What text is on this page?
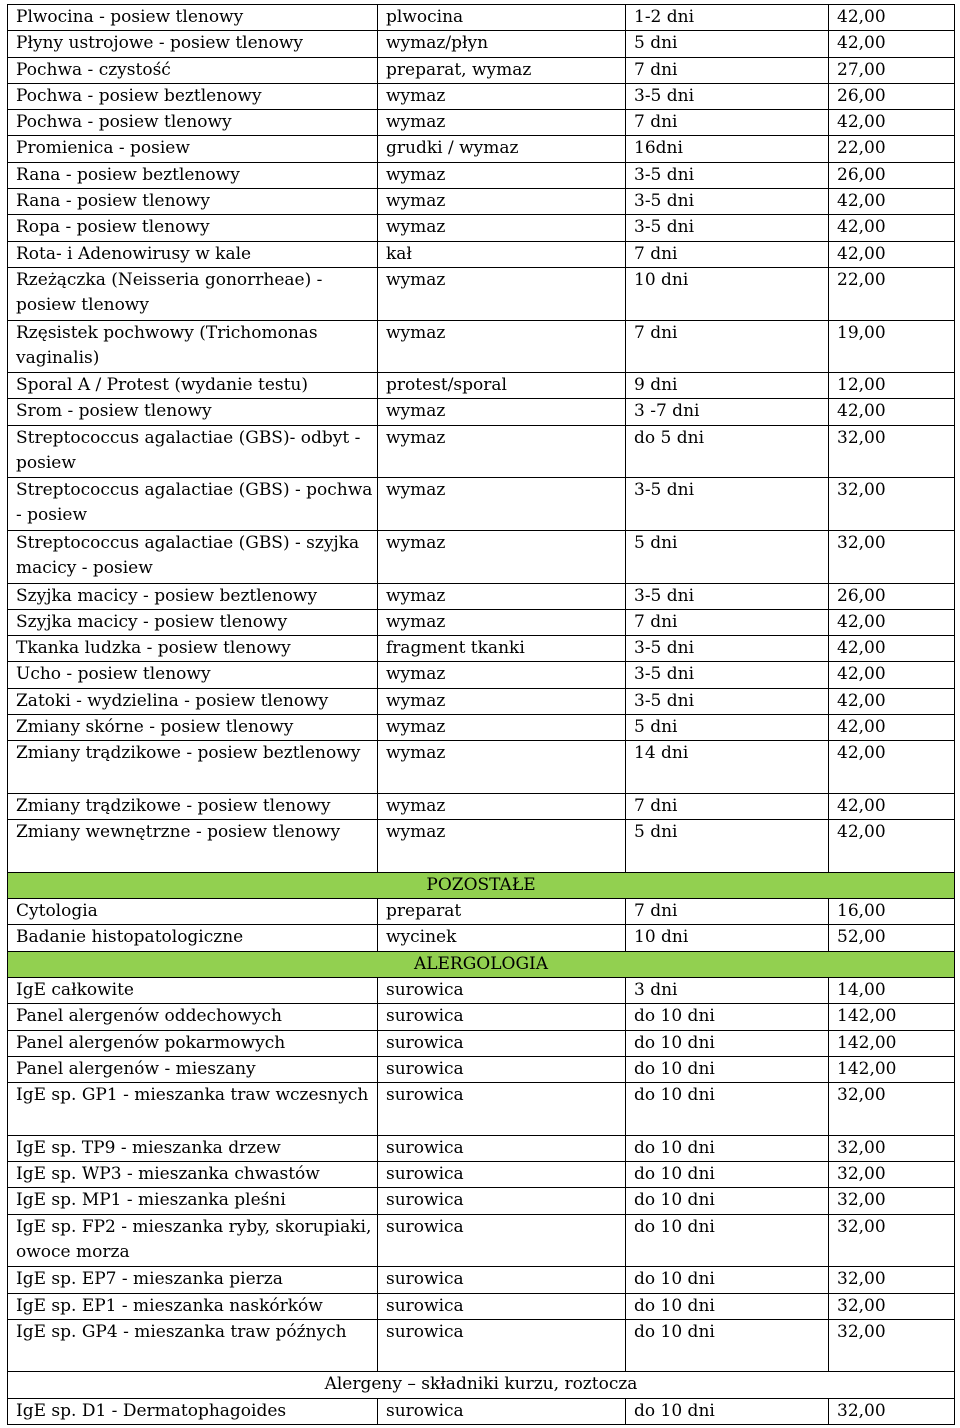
Plwocina - posiew tlenowy	plwocina	1-2 dni	42,00
Płyny ustrojowe - posiew tlenowy	wymaz/płyn	5 dni	42,00
Pochwa - czystość	preparat, wymaz	7 dni	27,00
Pochwa - posiew beztlenowy	wymaz	3-5 dni	26,00
Pochwa - posiew tlenowy	wymaz	7 dni	42,00
Promienica - posiew	grudki / wymaz	16dni	22,00
Rana - posiew beztlenowy	wymaz	3-5 dni	26,00
Rana - posiew tlenowy	wymaz	3-5 dni	42,00
Ropa - posiew tlenowy	wymaz	3-5 dni	42,00
Rota- i Adenowirusy w kale	kał	7 dni	42,00
Rzeżączka (Neisseria gonorrheae) - posiew tlenowy	wymaz	10 dni	22,00
Rzęsistek pochwowy (Trichomonas vaginalis)	wymaz	7 dni	19,00
Sporal A / Protest (wydanie testu)	protest/sporal	9 dni	12,00
Srom - posiew tlenowy	wymaz	3 -7 dni	42,00
Streptococcus agalactiae (GBS)- odbyt - posiew	wymaz	do 5 dni	32,00
Streptococcus agalactiae (GBS) - pochwa - posiew	wymaz	3-5 dni	32,00
Streptococcus agalactiae (GBS) - szyjka macicy - posiew	wymaz	5 dni	32,00
Szyjka macicy - posiew beztlenowy	wymaz	3-5 dni	26,00
Szyjka macicy - posiew tlenowy	wymaz	7 dni	42,00
Tkanka ludzka - posiew tlenowy	fragment tkanki	3-5 dni	42,00
Ucho - posiew tlenowy	wymaz	3-5 dni	42,00
Zatoki - wydzielina - posiew tlenowy	wymaz	3-5 dni	42,00
Zmiany skórne - posiew tlenowy	wymaz	5 dni	42,00
Zmiany trądzikowe - posiew beztlenowy	wymaz	14 dni	42,00
Zmiany trądzikowe - posiew tlenowy	wymaz	7 dni	42,00
Zmiany wewnętrzne - posiew tlenowy	wymaz	5 dni	42,00
POZOSTAŁE			
Cytologia	preparat	7 dni	16,00
Badanie histopatologiczne	wycinek	10 dni	52,00
ALERGOLOGIA			
IgE całkowite	surowica	3 dni	14,00
Panel alergenów oddechowych	surowica	do 10 dni	142,00
Panel alergenów pokarmowych	surowica	do 10 dni	142,00
Panel alergenów - mieszany	surowica	do 10 dni	142,00
IgE sp. GP1 - mieszanka traw wczesnych	surowica	do 10 dni	32,00
IgE sp. TP9 - mieszanka drzew	surowica	do 10 dni	32,00
IgE sp. WP3 - mieszanka chwastów	surowica	do 10 dni	32,00
IgE sp. MP1 - mieszanka pleśni	surowica	do 10 dni	32,00
IgE sp. FP2 - mieszanka ryby, skorupiaki, owoce morza	surowica	do 10 dni	32,00
IgE sp. EP7 - mieszanka pierza	surowica	do 10 dni	32,00
IgE sp. EP1 - mieszanka naskórków	surowica	do 10 dni	32,00
IgE sp. GP4 - mieszanka traw późnych	surowica	do 10 dni	32,00
Alergeny – składniki kurzu, roztocza			
IgE sp. D1 - Dermatophagoides	surowica	do 10 dni	32,00
